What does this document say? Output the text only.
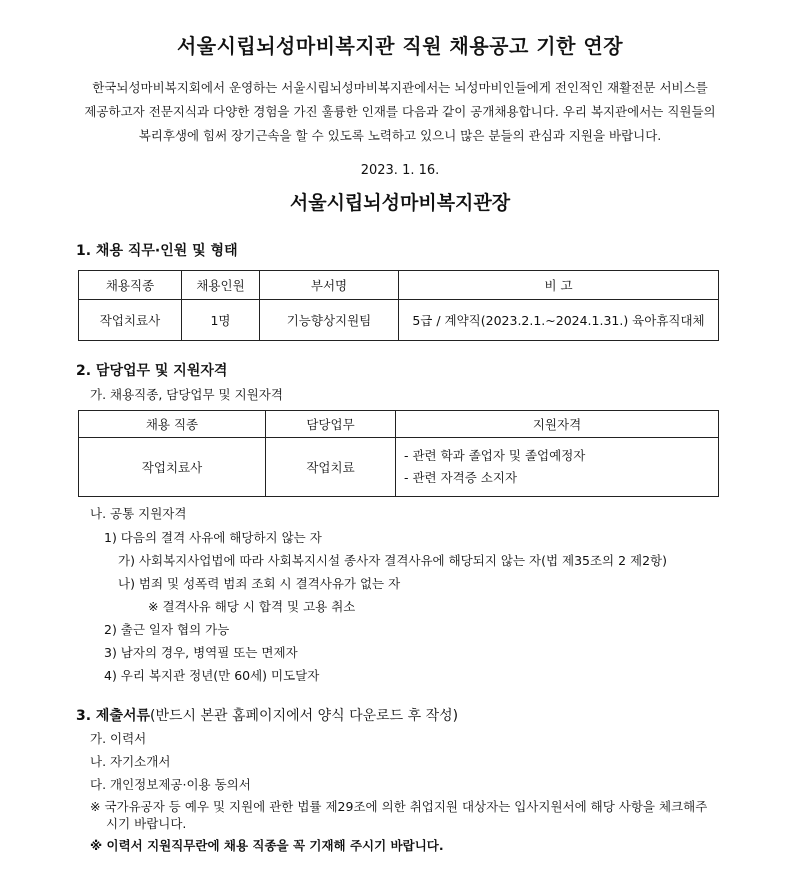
서울시립뇌성마비복지관 직원 채용공고 기한 연장
한국뇌성마비복지회에서 운영하는 서울시립뇌성마비복지관에서는 뇌성마비인들에게 전인적인 재활전문 서비스를
제공하고자 전문지식과 다양한 경험을 가진 훌륭한 인재를 다음과 같이 공개채용합니다. 우리 복지관에서는 직원들의
복리후생에 힘써 장기근속을 할 수 있도록 노력하고 있으니 많은 분들의 관심과 지원을 바랍니다.
2023. 1. 16.
서울시립뇌성마비복지관장
1. 채용 직무·인원 및 형태
채용직종	채용인원	부서명	비 고
작업치료사	1명	기능향상지원팀	5급 / 계약직(2023.2.1.~2024.1.31.) 육아휴직대체
2. 담당업무 및 지원자격
가. 채용직종, 담당업무 및 지원자격
채용 직종	담당업무	지원자격
작업치료사	작업치료	- 관련 학과 졸업자 및 졸업예정자
- 관련 자격증 소지자
나. 공통 지원자격
1) 다음의 결격 사유에 해당하지 않는 자
가) 사회복지사업법에 따라 사회복지시설 종사자 결격사유에 해당되지 않는 자(법 제35조의 2 제2항)
나) 범죄 및 성폭력 범죄 조회 시 결격사유가 없는 자
※ 결격사유 해당 시 합격 및 고용 취소
2) 출근 일자 협의 가능
3) 남자의 경우, 병역필 또는 면제자
4) 우리 복지관 정년(만 60세) 미도달자
3. 제출서류(반드시 본관 홈페이지에서 양식 다운로드 후 작성)
가. 이력서
나. 자기소개서
다. 개인정보제공·이용 동의서
※ 국가유공자 등 예우 및 지원에 관한 법률 제29조에 의한 취업지원 대상자는 입사지원서에 해당 사항을 체크해주
시기 바랍니다.
※ 이력서 지원직무란에 채용 직종을 꼭 기재해 주시기 바랍니다.
